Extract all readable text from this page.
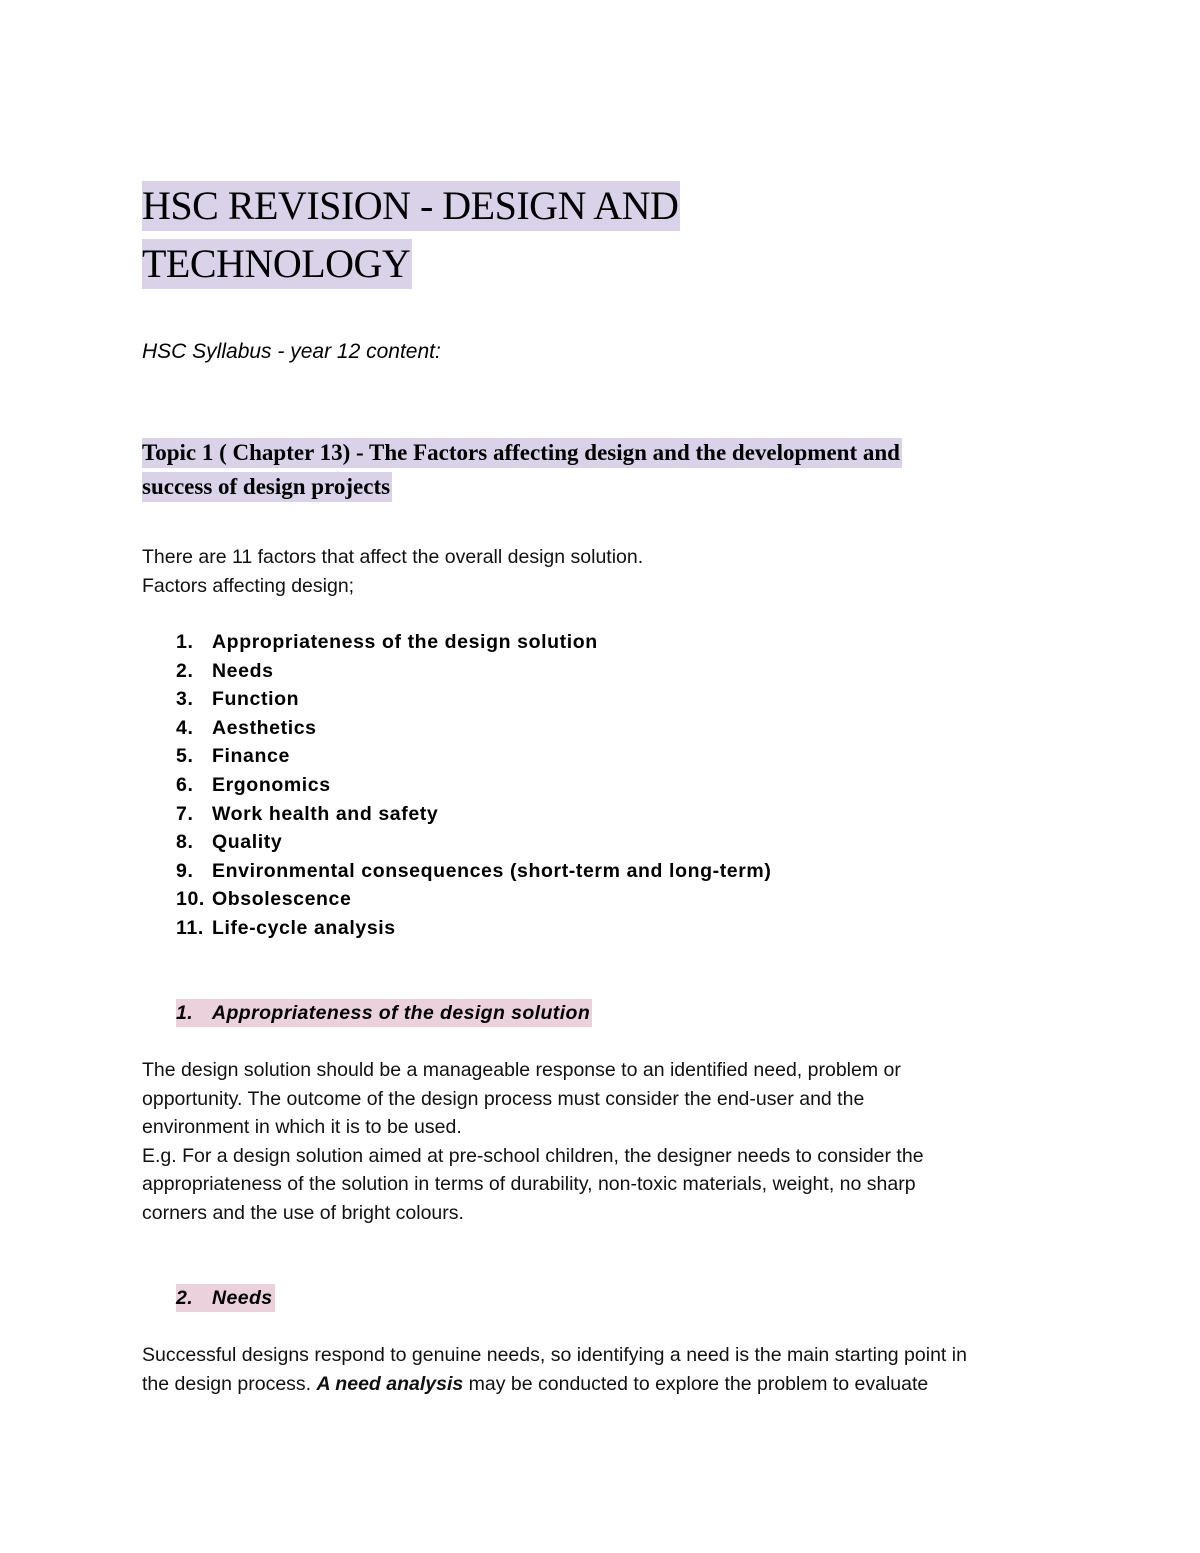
HSC REVISION - DESIGN AND
TECHNOLOGY
HSC Syllabus - year 12 content:
Topic 1 ( Chapter 13) - The Factors affecting design and the development and
success of design projects
There are 11 factors that affect the overall design solution.
Factors affecting design;
1. Appropriateness of the design solution
2. Needs
3. Function
4. Aesthetics
5. Finance
6. Ergonomics
7. Work health and safety
8. Quality
9. Environmental consequences (short-term and long-term)
10. Obsolescence
11. Life-cycle analysis
1. Appropriateness of the design solution
The design solution should be a manageable response to an identified need, problem or
opportunity. The outcome of the design process must consider the end-user and the
environment in which it is to be used.
E.g. For a design solution aimed at pre-school children, the designer needs to consider the
appropriateness of the solution in terms of durability, non-toxic materials, weight, no sharp
corners and the use of bright colours.
2. Needs
Successful designs respond to genuine needs, so identifying a need is the main starting point in
the design process. A need analysis may be conducted to explore the problem to evaluate
